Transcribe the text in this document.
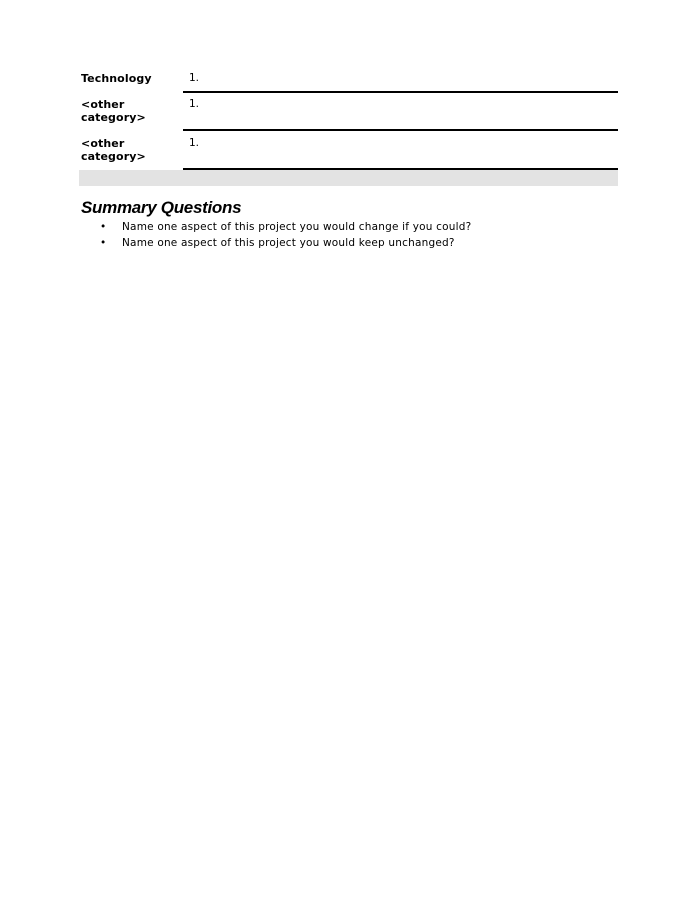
Technology	1.
<other category>
1.
<other category>
1.
Summary Questions
• Name one aspect of this project you would change if you could?
• Name one aspect of this project you would keep unchanged?
